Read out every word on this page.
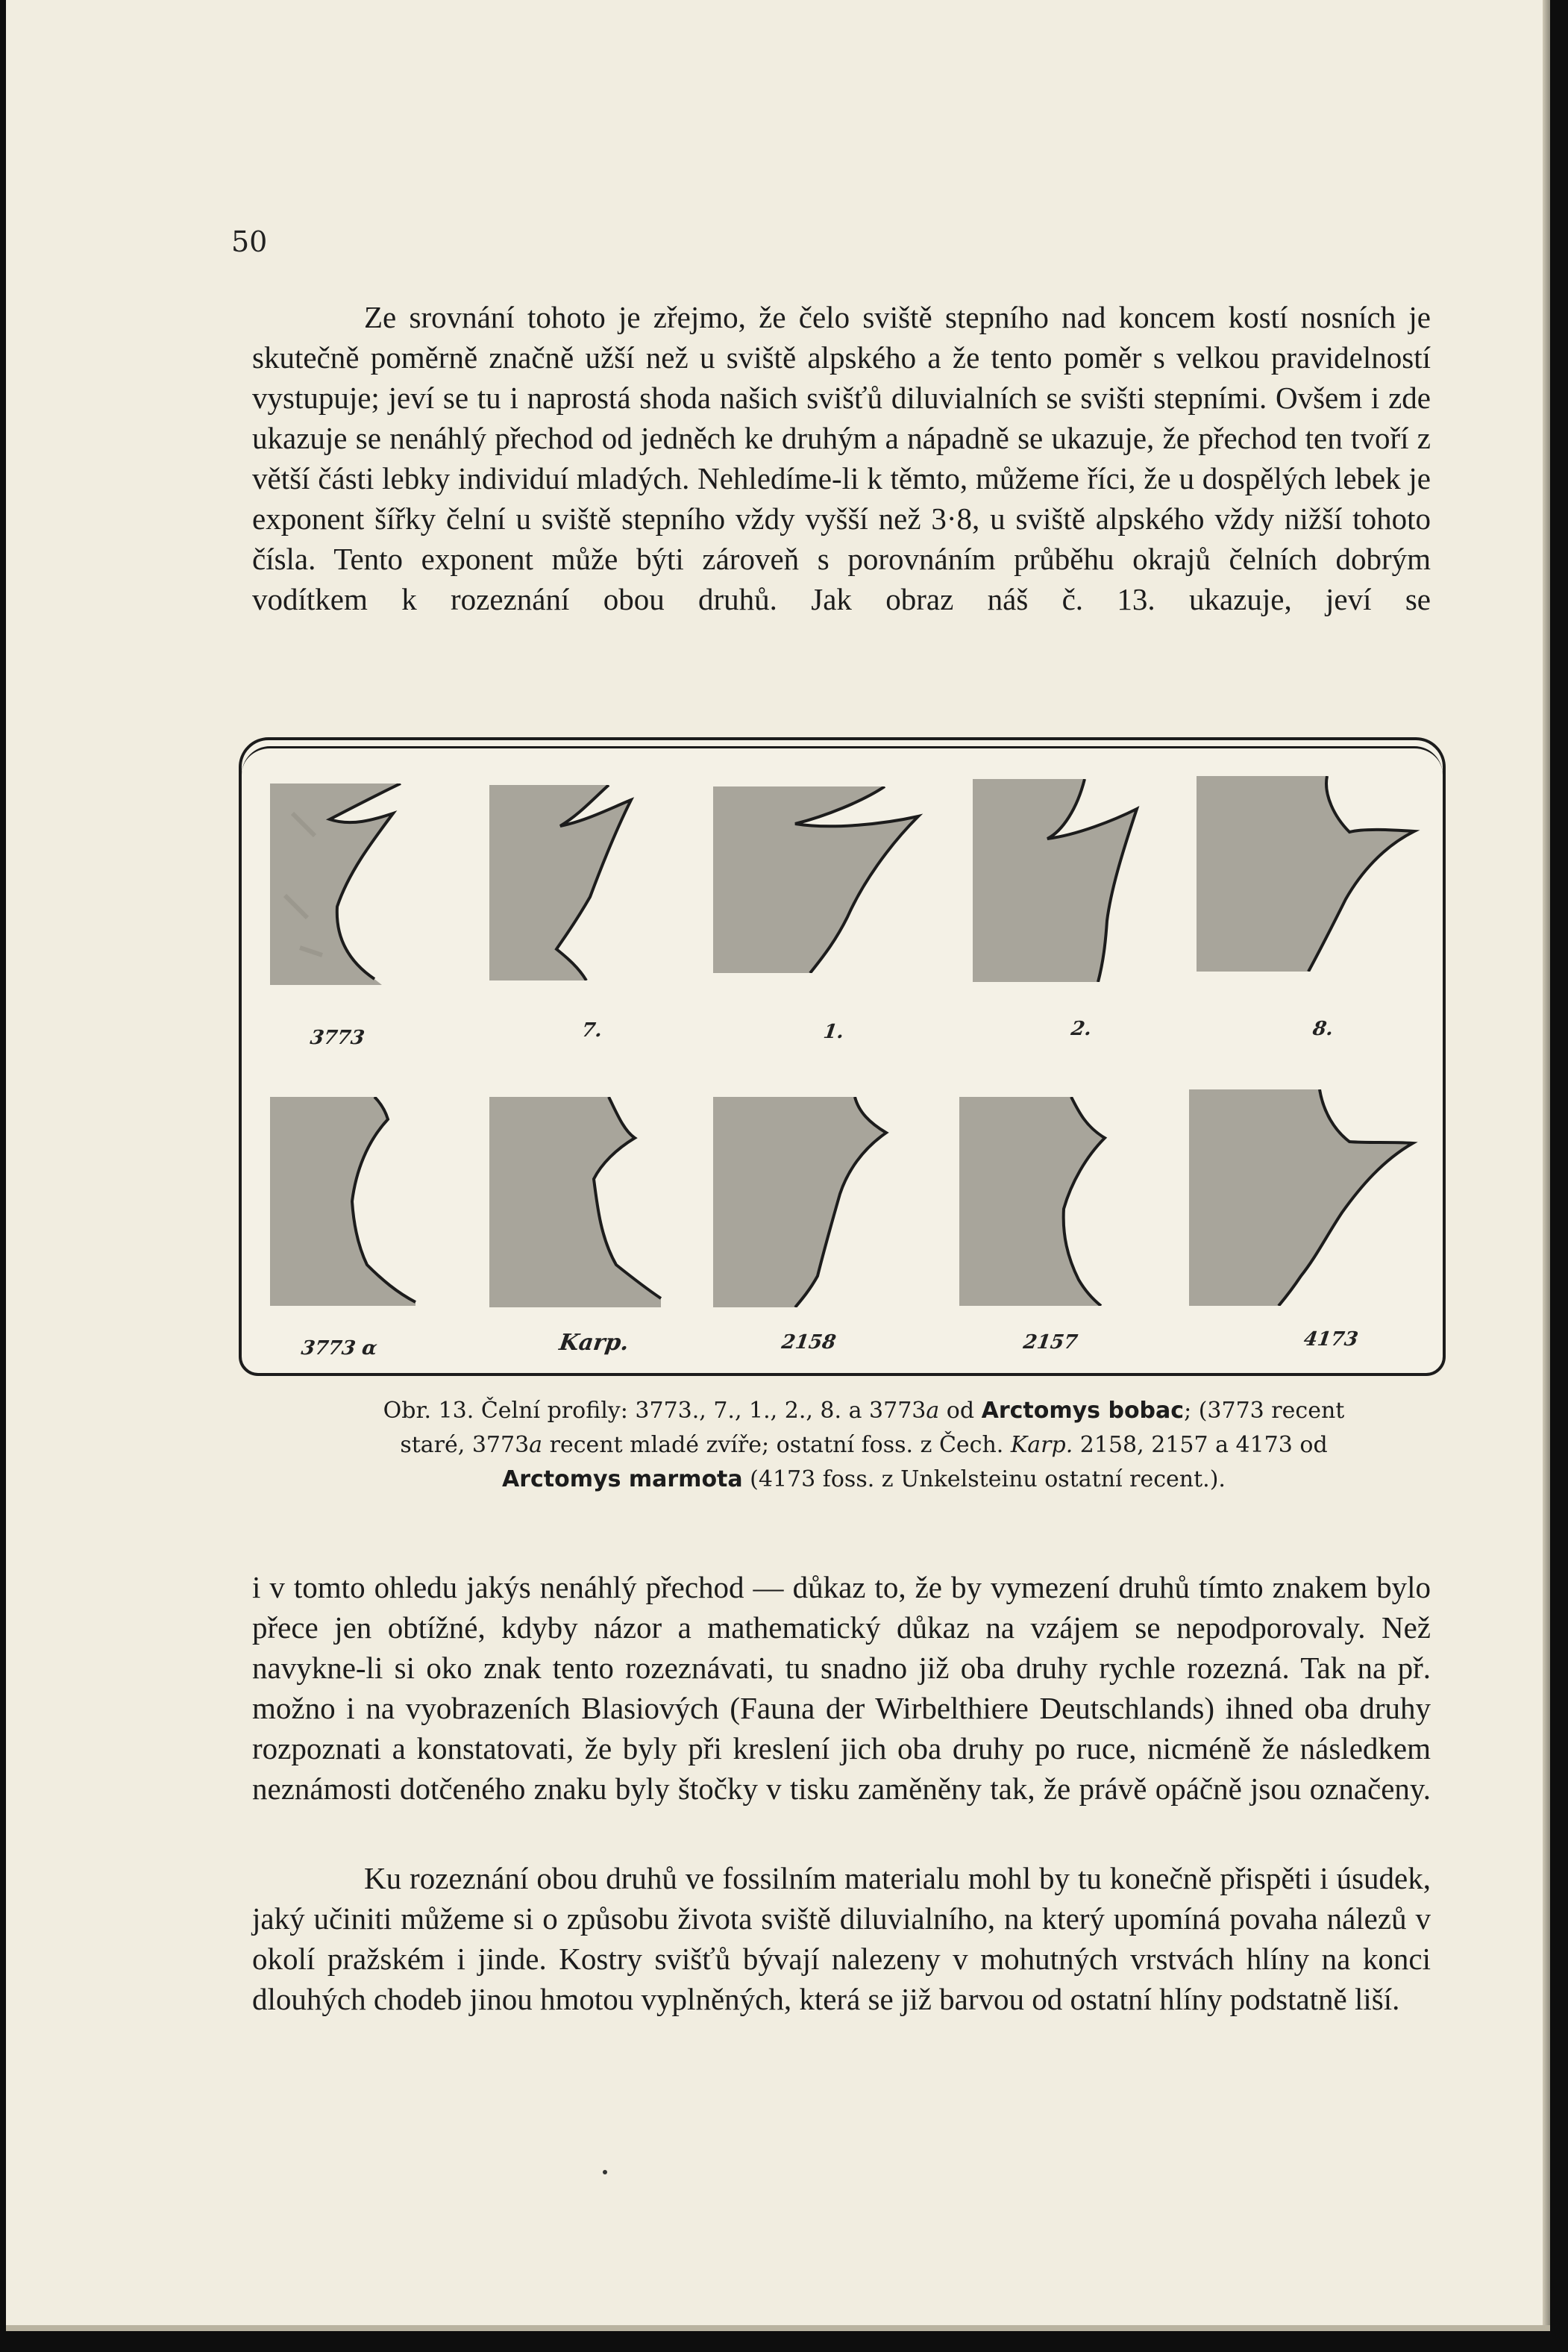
50

Ze srovnání tohoto je zřejmo, že čelo sviště stepního nad koncem kostí nosních je skutečně poměrně značně užší než u sviště alpského a že tento poměr s velkou pravidelností vystupuje; jeví se tu i naprostá shoda našich svišťů diluvialních se svišti stepními. Ovšem i zde ukazuje se nenáhlý přechod od jedněch ke druhým a nápadně se ukazuje, že přechod ten tvoří z větší části lebky individuí mladých. Nehledíme-li k těmto, můžeme říci, že u dospělých lebek je exponent šířky čelní u sviště stepního vždy vyšší než 3·8, u sviště alpského vždy nižší tohoto čísla. Tento exponent může býti zároveň s porovnáním průběhu okrajů čelních dobrým vodítkem k rozeznání obou druhů. Jak obraz náš č. 13. ukazuje, jeví se

3773	7.	1.	2.	8.
3773 α	Karp.	2158	2157	4173

Obr. 13. Čelní profily: 3773., 7., 1., 2., 8. a 3773a od Arctomys bobac; (3773 recent staré, 3773a recent mladé zvíře; ostatní foss. z Čech. Karp. 2158, 2157 a 4173 od Arctomys marmota (4173 foss. z Unkelsteinu ostatní recent.).

i v tomto ohledu jakýs nenáhlý přechod — důkaz to, že by vymezení druhů tímto znakem bylo přece jen obtížné, kdyby názor a mathematický důkaz na vzájem se nepodporovaly. Než navykne-li si oko znak tento rozeznávati, tu snadno již oba druhy rychle rozezná. Tak na př. možno i na vyobrazeních Blasiových (Fauna der Wirbelthiere Deutschlands) ihned oba druhy rozpoznati a konstatovati, že byly při kreslení jich oba druhy po ruce, nicméně že následkem neznámosti dotčeného znaku byly štočky v tisku zaměněny tak, že právě opáčně jsou označeny.

Ku rozeznání obou druhů ve fossilním materialu mohl by tu konečně přispěti i úsudek, jaký učiniti můžeme si o způsobu života sviště diluvialního, na který upomíná povaha nálezů v okolí pražském i jinde. Kostry svišťů bývají nalezeny v mohutných vrstvách hlíny na konci dlouhých chodeb jinou hmotou vyplněných, která se již barvou od ostatní hlíny podstatně liší.
